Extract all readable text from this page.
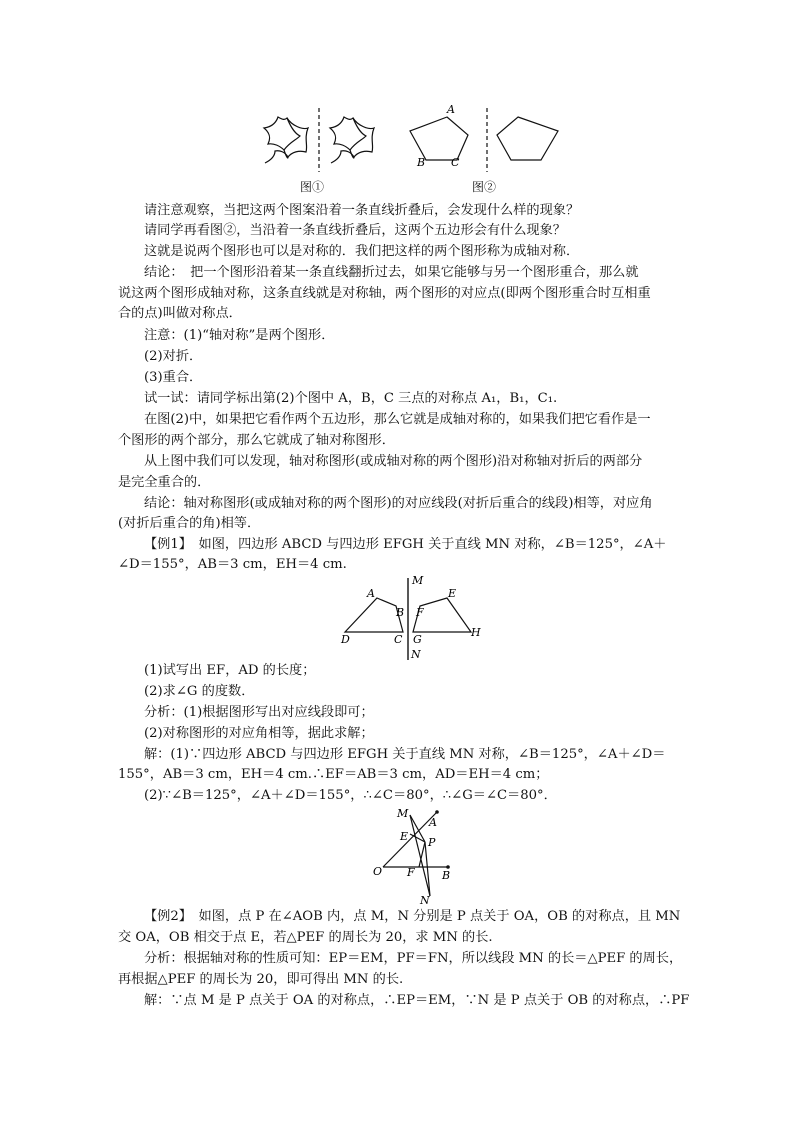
A
B C
图①	图②
请注意观察，当把这两个图案沿着一条直线折叠后，会发现什么样的现象？
请同学再看图②，当沿着一条直线折叠后，这两个五边形会有什么现象？
这就是说两个图形也可以是对称的．我们把这样的两个图形称为成轴对称．
结论：　把一个图形沿着某一条直线翻折过去，如果它能够与另一个图形重合，那么就
说这两个图形成轴对称，这条直线就是对称轴，两个图形的对应点(即两个图形重合时互相重
合的点)叫做对称点．
注意：(1)“轴对称”是两个图形．
(2)对折．
(3)重合．
试一试：请同学标出第(2)个图中 A，B，C 三点的对称点 A₁，B₁，C₁.
在图(2)中，如果把它看作两个五边形，那么它就是成轴对称的，如果我们把它看作是一
个图形的两个部分，那么它就成了轴对称图形．
从上图中我们可以发现，轴对称图形(或成轴对称的两个图形)沿对称轴对折后的两部分
是完全重合的．
结论：轴对称图形(或成轴对称的两个图形)的对应线段(对折后重合的线段)相等，对应角
(对折后重合的角)相等．
【例1】　如图，四边形 ABCD 与四边形 EFGH 关于直线 MN 对称，∠B＝125°，∠A＋
∠D＝155°，AB＝3 cm，EH＝4 cm.
M
A
B
E
F
D	C G
H
N
(1)试写出 EF，AD 的长度；
(2)求∠G 的度数．
分析：(1)根据图形写出对应线段即可；
(2)对称图形的对应角相等，据此求解；
解：(1)∵四边形 ABCD 与四边形 EFGH 关于直线 MN 对称，∠B＝125°，∠A＋∠D＝
155°，AB＝3 cm，EH＝4 cm.∴EF＝AB＝3 cm，AD＝EH＝4 cm；
(2)∵∠B＝125°，∠A＋∠D＝155°，∴∠C＝80°，∴∠G＝∠C＝80°．
M
A
E P
O F B
N
【例2】　如图，点 P 在∠AOB 内，点 M，N 分别是 P 点关于 OA，OB 的对称点，且 MN
交 OA，OB 相交于点 E，若△PEF 的周长为 20，求 MN 的长.
分析：根据轴对称的性质可知：EP＝EM，PF＝FN，所以线段 MN 的长＝△PEF 的周长，
再根据△PEF 的周长为 20，即可得出 MN 的长.
解：∵点 M 是 P 点关于 OA 的对称点，∴EP＝EM，∵N 是 P 点关于 OB 的对称点，∴PF
